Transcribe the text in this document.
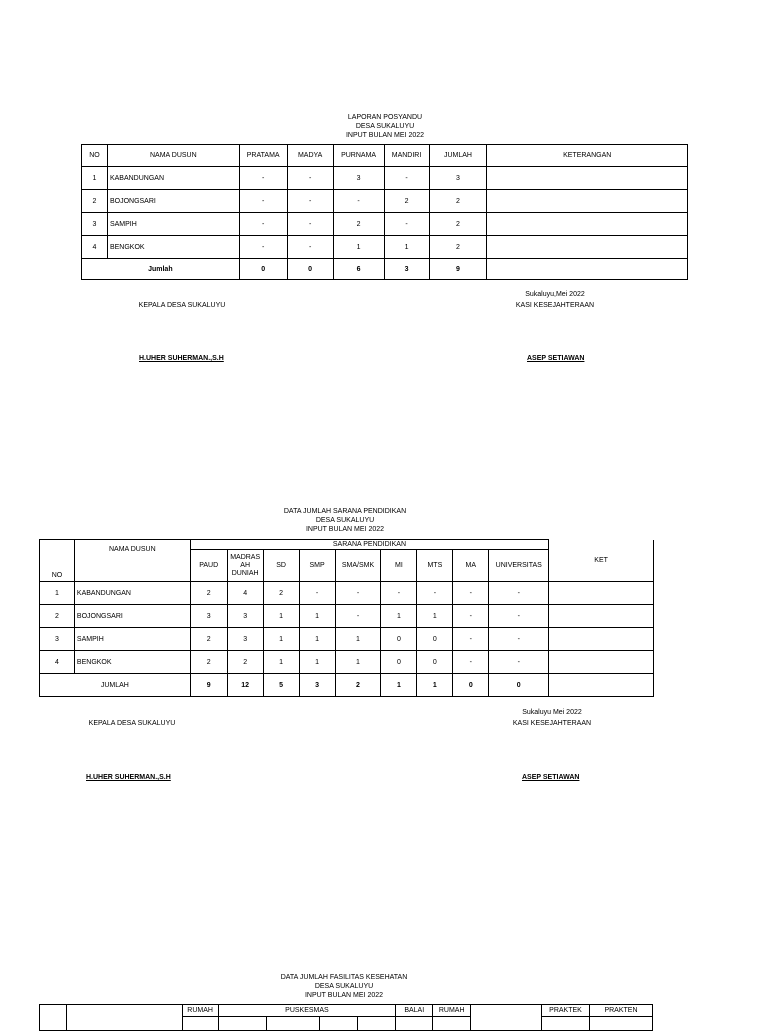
LAPORAN POSYANDU
DESA SUKALUYU
INPUT BULAN MEI 2022
NO	NAMA DUSUN	PRATAMA	MADYA	PURNAMA	MANDIRI	JUMLAH	KETERANGAN
1	KABANDUNGAN	-	-	3	-	3	
2	BOJONGSARI	-	-	-	2	2	
3	SAMPIH	-	-	2	-	2	
4	BENGKOK	-	-	1	1	2	
Jumlah		0	0	6	3	9	
KEPALA DESA SUKALUYU
H.UHER SUHERMAN.,S.H
Sukaluyu,Mei 2022
KASI KESEJAHTERAAN
ASEP SETIAWAN
DATA JUMLAH SARANA PENDIDIKAN
DESA SUKALUYU
INPUT BULAN MEI 2022
NO	NAMA DUSUN	SARANA PENDIDIKAN									KET
		PAUD	MADRAS AH DUNIAH	SD	SMP	SMA/SMK	MI	MTS	MA	UNIVERSITAS	
1	KABANDUNGAN	2	4	2	-	-	-	-	-	-	
2	BOJONGSARI	3	3	1	1	-	1	1	-	-	
3	SAMPIH	2	3	1	1	1	0	0	-	-	
4	BENGKOK	2	2	1	1	1	0	0	-	-	
JUMLAH		9	12	5	3	2	1	1	0	0	
KEPALA DESA SUKALUYU
H.UHER SUHERMAN.,S.H
Sukaluyu Mei 2022
KASI KESEJAHTERAAN
ASEP SETIAWAN
DATA JUMLAH FASILITAS KESEHATAN
DESA SUKALUYU
INPUT BULAN MEI 2022
		RUMAH	PUSKESMAS				BALAI	RUMAH		PRAKTEK	PRAKTEN
